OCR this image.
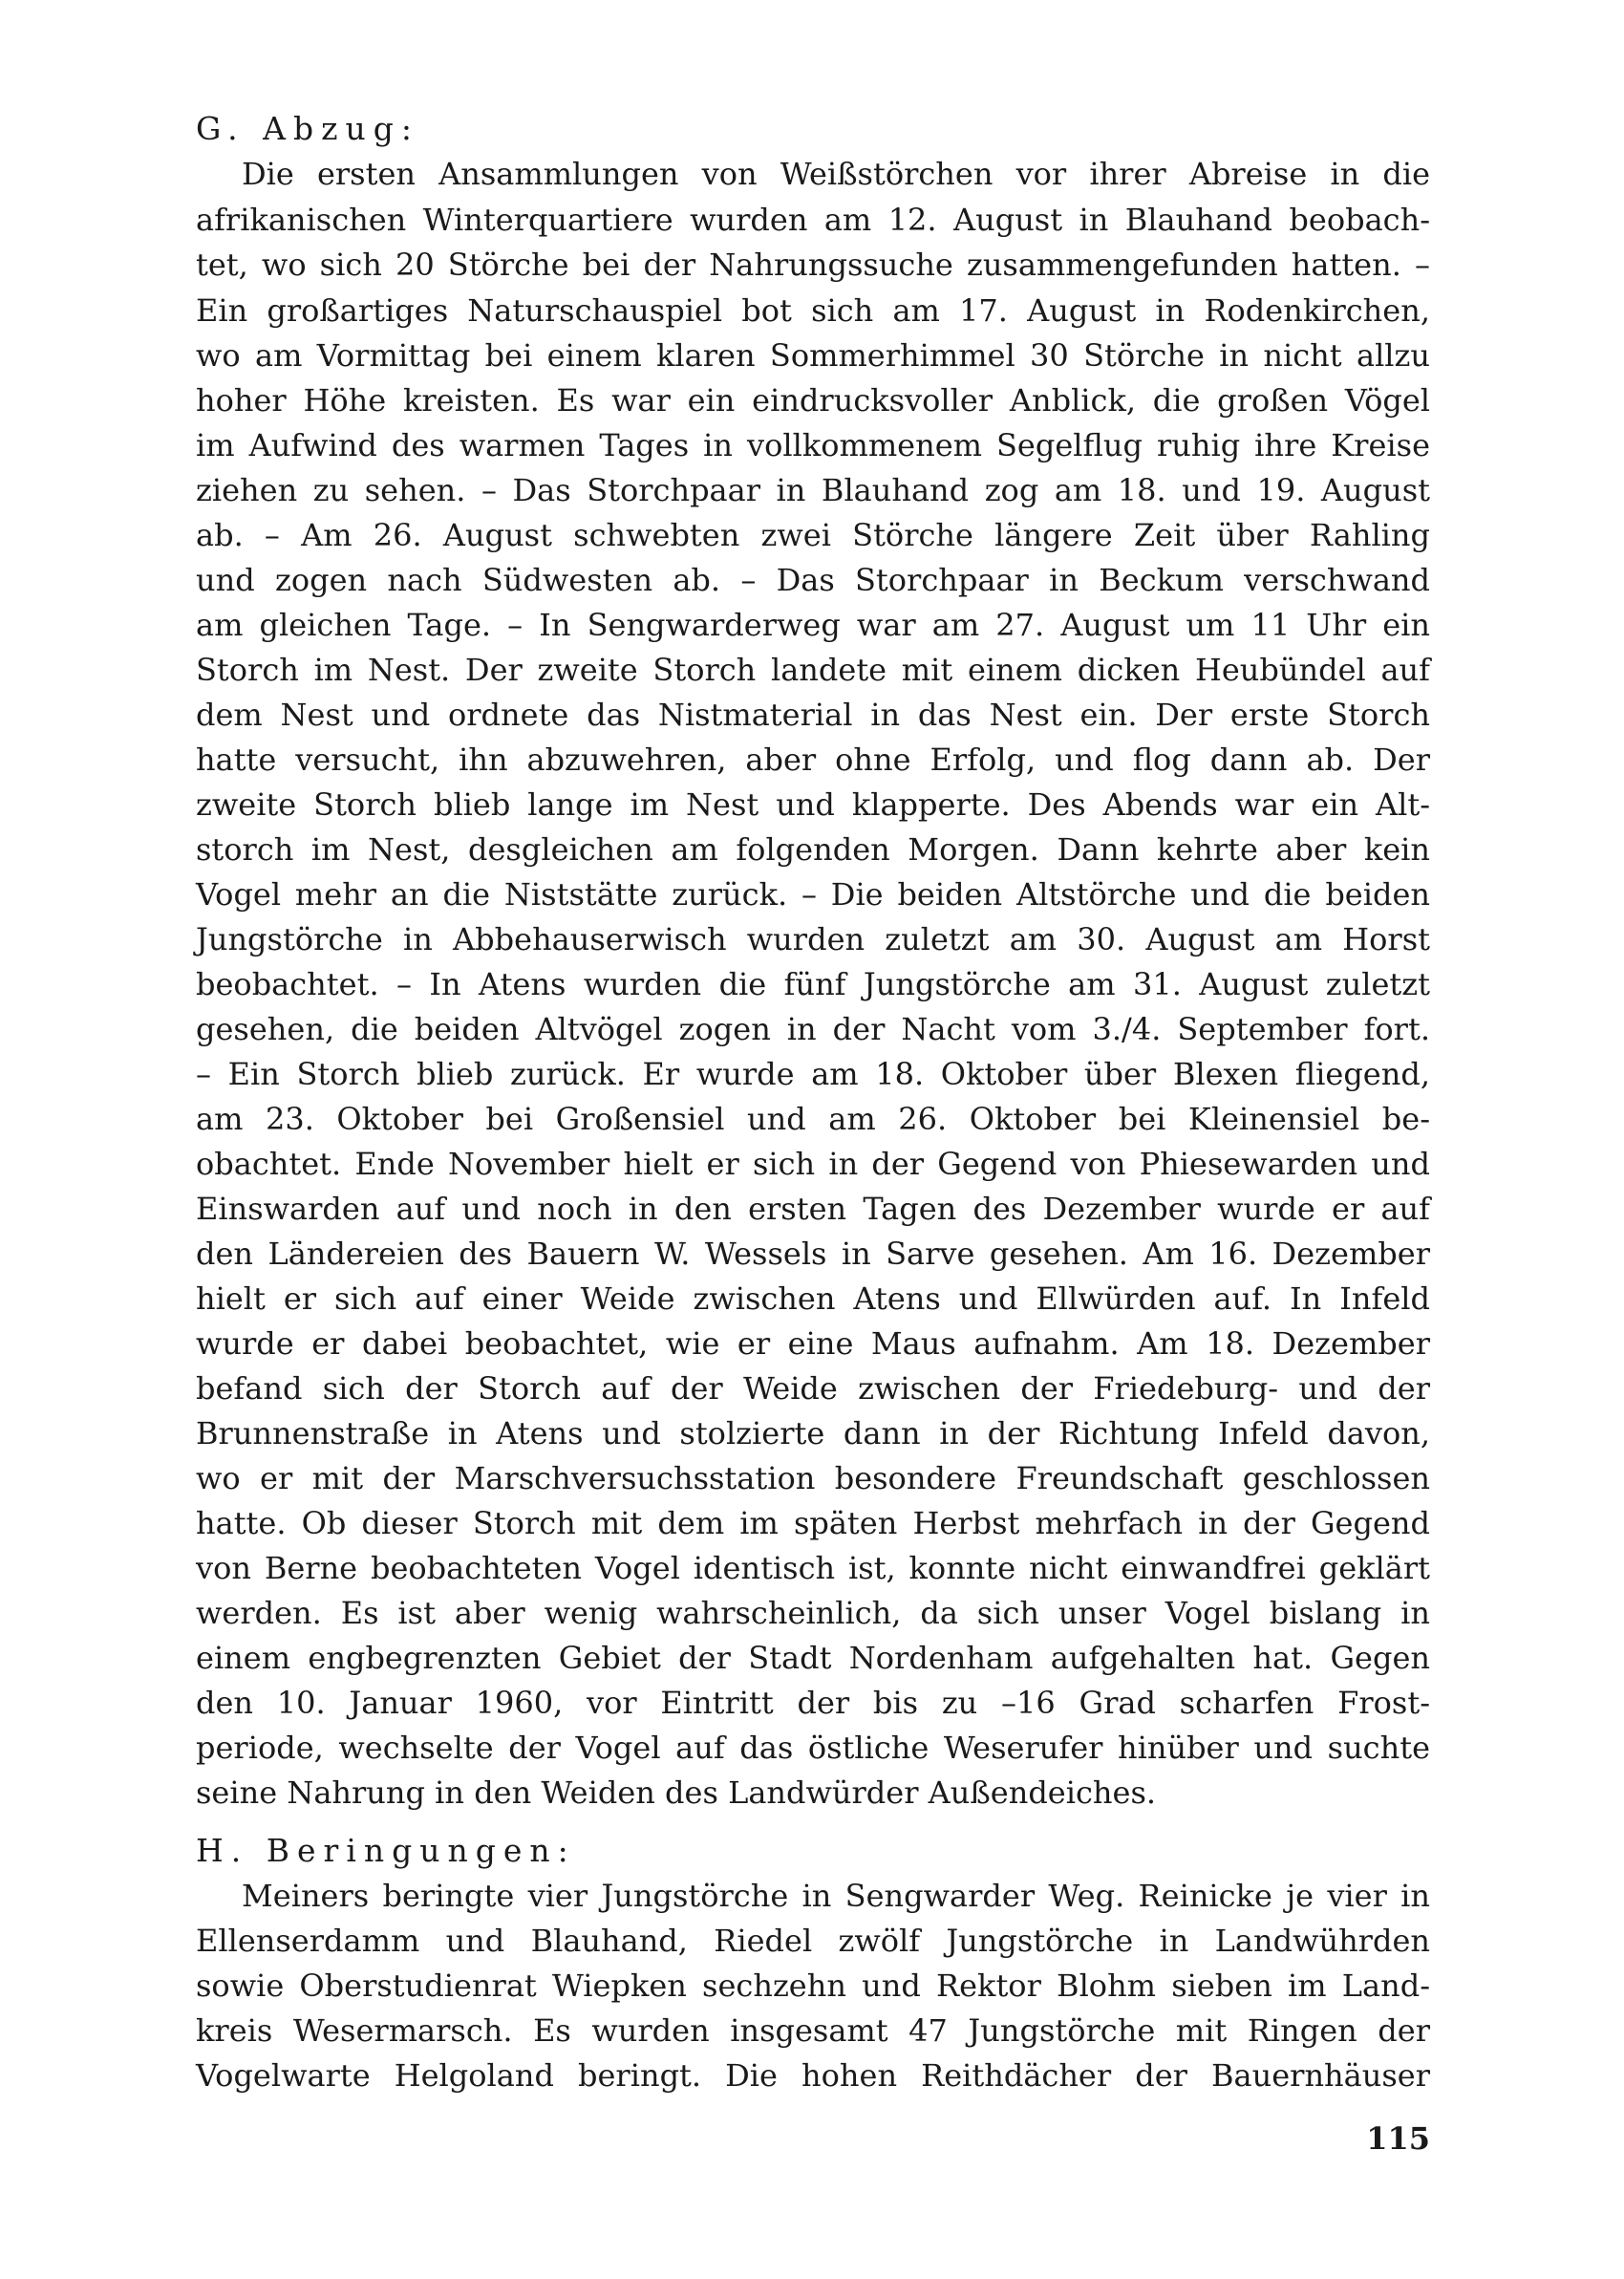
G. Abzug:
Die ersten Ansammlungen von Weißstörchen vor ihrer Abreise in die
afrikanischen Winterquartiere wurden am 12. August in Blauhand beobach-
tet, wo sich 20 Störche bei der Nahrungssuche zusammengefunden hatten. –
Ein großartiges Naturschauspiel bot sich am 17. August in Rodenkirchen,
wo am Vormittag bei einem klaren Sommerhimmel 30 Störche in nicht allzu
hoher Höhe kreisten. Es war ein eindrucksvoller Anblick, die großen Vögel
im Aufwind des warmen Tages in vollkommenem Segelflug ruhig ihre Kreise
ziehen zu sehen. – Das Storchpaar in Blauhand zog am 18. und 19. August
ab. – Am 26. August schwebten zwei Störche längere Zeit über Rahling
und zogen nach Südwesten ab. – Das Storchpaar in Beckum verschwand
am gleichen Tage. – In Sengwarderweg war am 27. August um 11 Uhr ein
Storch im Nest. Der zweite Storch landete mit einem dicken Heubündel auf
dem Nest und ordnete das Nistmaterial in das Nest ein. Der erste Storch
hatte versucht, ihn abzuwehren, aber ohne Erfolg, und flog dann ab. Der
zweite Storch blieb lange im Nest und klapperte. Des Abends war ein Alt-
storch im Nest, desgleichen am folgenden Morgen. Dann kehrte aber kein
Vogel mehr an die Niststätte zurück. – Die beiden Altstörche und die beiden
Jungstörche in Abbehauserwisch wurden zuletzt am 30. August am Horst
beobachtet. – In Atens wurden die fünf Jungstörche am 31. August zuletzt
gesehen, die beiden Altvögel zogen in der Nacht vom 3./4. September fort.
– Ein Storch blieb zurück. Er wurde am 18. Oktober über Blexen fliegend,
am 23. Oktober bei Großensiel und am 26. Oktober bei Kleinensiel be-
obachtet. Ende November hielt er sich in der Gegend von Phiesewarden und
Einswarden auf und noch in den ersten Tagen des Dezember wurde er auf
den Ländereien des Bauern W. Wessels in Sarve gesehen. Am 16. Dezember
hielt er sich auf einer Weide zwischen Atens und Ellwürden auf. In Infeld
wurde er dabei beobachtet, wie er eine Maus aufnahm. Am 18. Dezember
befand sich der Storch auf der Weide zwischen der Friedeburg- und der
Brunnenstraße in Atens und stolzierte dann in der Richtung Infeld davon,
wo er mit der Marschversuchsstation besondere Freundschaft geschlossen
hatte. Ob dieser Storch mit dem im späten Herbst mehrfach in der Gegend
von Berne beobachteten Vogel identisch ist, konnte nicht einwandfrei geklärt
werden. Es ist aber wenig wahrscheinlich, da sich unser Vogel bislang in
einem engbegrenzten Gebiet der Stadt Nordenham aufgehalten hat. Gegen
den 10. Januar 1960, vor Eintritt der bis zu –16 Grad scharfen Frost-
periode, wechselte der Vogel auf das östliche Weserufer hinüber und suchte
seine Nahrung in den Weiden des Landwürder Außendeiches.
H. Beringungen:
Meiners beringte vier Jungstörche in Sengwarder Weg. Reinicke je vier in
Ellenserdamm und Blauhand, Riedel zwölf Jungstörche in Landwührden
sowie Oberstudienrat Wiepken sechzehn und Rektor Blohm sieben im Land-
kreis Wesermarsch. Es wurden insgesamt 47 Jungstörche mit Ringen der
Vogelwarte Helgoland beringt. Die hohen Reithdächer der Bauernhäuser
115
